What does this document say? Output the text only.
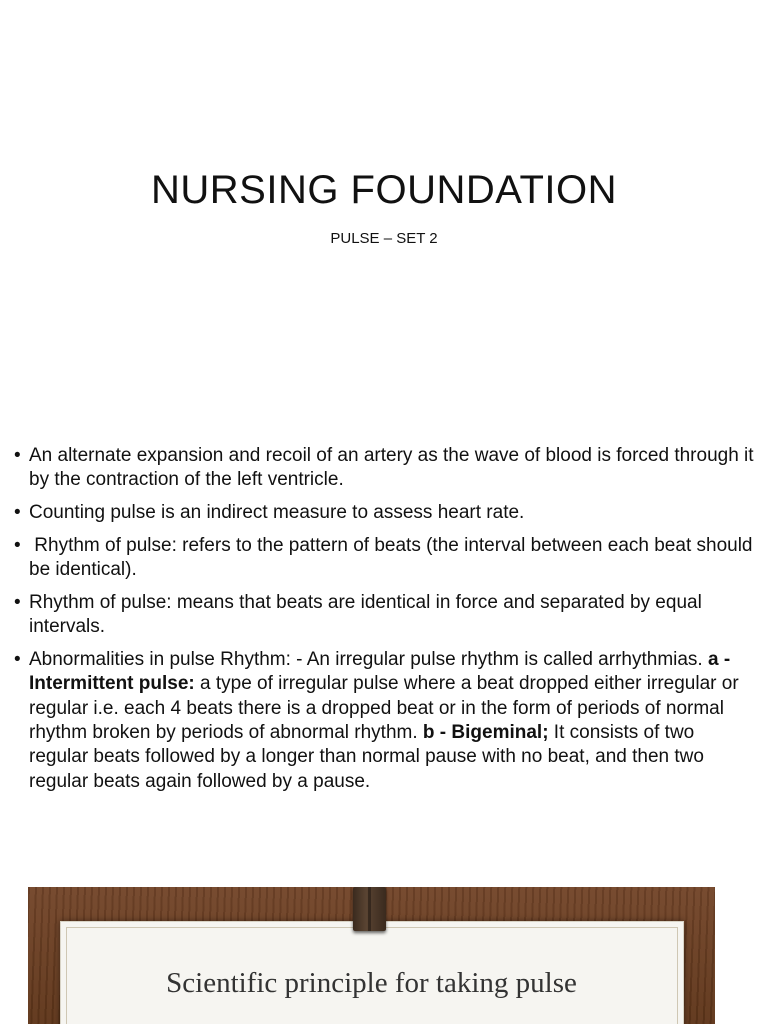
NURSING FOUNDATION
PULSE – SET 2
• An alternate expansion and recoil of an artery as the wave of blood is forced through it by the contraction of the left ventricle.
• Counting pulse is an indirect measure to assess heart rate.
• Rhythm of pulse: refers to the pattern of beats (the interval between each beat should be identical).
• Rhythm of pulse: means that beats are identical in force and separated by equal intervals.
• Abnormalities in pulse Rhythm: - An irregular pulse rhythm is called arrhythmias. a - Intermittent pulse: a type of irregular pulse where a beat dropped either irregular or regular i.e. each 4 beats there is a dropped beat or in the form of periods of normal rhythm broken by periods of abnormal rhythm. b - Bigeminal; It consists of two regular beats followed by a longer than normal pause with no beat, and then two regular beats again followed by a pause.
Scientific principle for taking pulse
